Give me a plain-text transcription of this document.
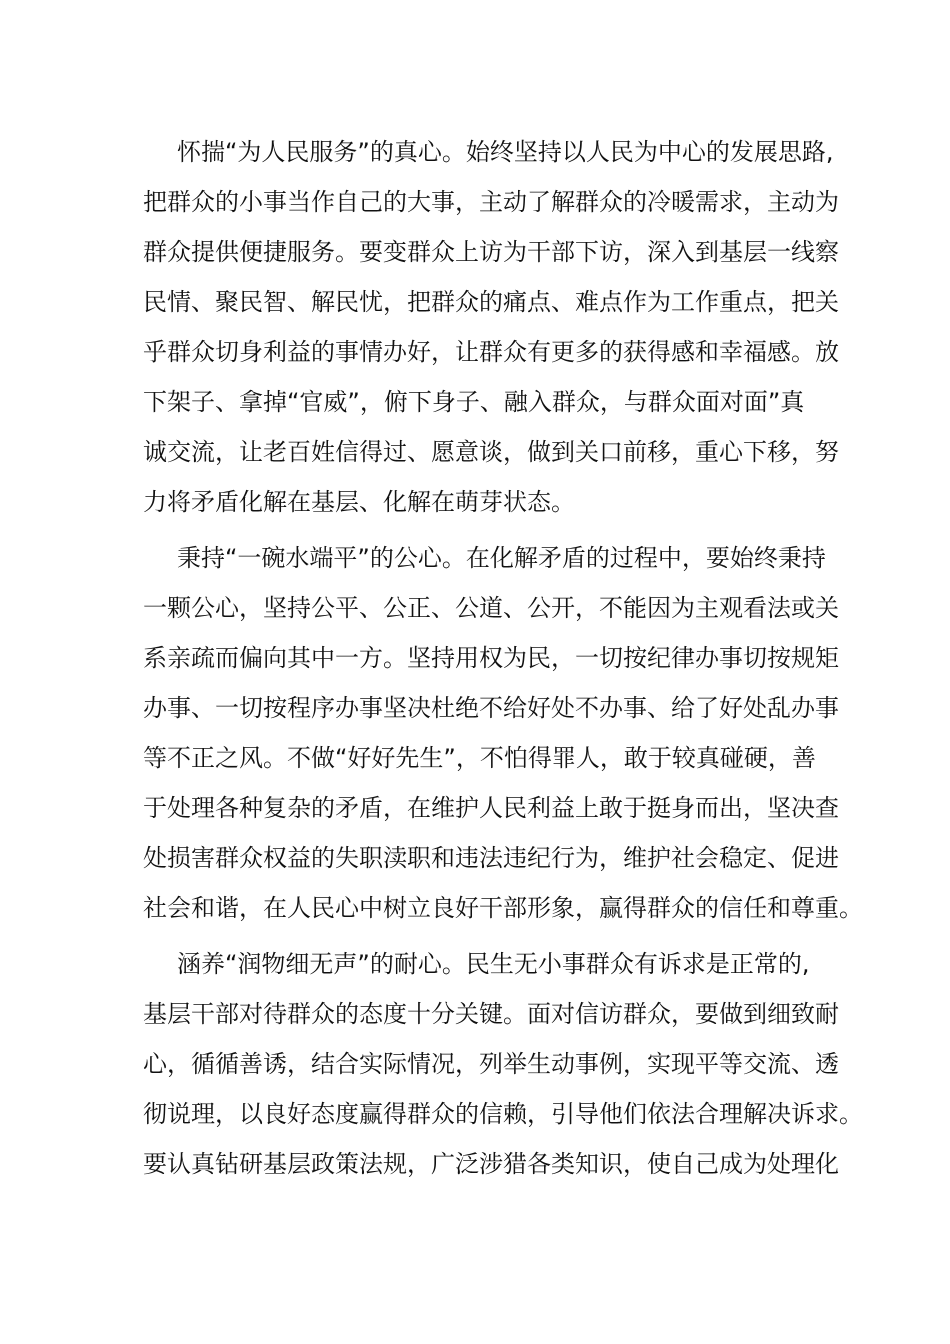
怀揣“为人民服务”的真心。始终坚持以人民为中心的发展思路,
把群众的小事当作自己的大事，主动了解群众的冷暖需求，主动为
群众提供便捷服务。要变群众上访为干部下访，深入到基层一线察
民情、聚民智、解民忧，把群众的痛点、难点作为工作重点，把关
乎群众切身利益的事情办好，让群众有更多的获得感和幸福感。放
下架子、拿掉“官威”，俯下身子、融入群众，与群众面对面”真
诚交流，让老百姓信得过、愿意谈，做到关口前移，重心下移，努
力将矛盾化解在基层、化解在萌芽状态。
秉持“一碗水端平”的公心。在化解矛盾的过程中，要始终秉持
一颗公心，坚持公平、公正、公道、公开，不能因为主观看法或关
系亲疏而偏向其中一方。坚持用权为民，一切按纪律办事切按规矩
办事、一切按程序办事坚决杜绝不给好处不办事、给了好处乱办事
等不正之风。不做“好好先生”，不怕得罪人，敢于较真碰硬，善
于处理各种复杂的矛盾，在维护人民利益上敢于挺身而出，坚决查
处损害群众权益的失职渎职和违法违纪行为，维护社会稳定、促进
社会和谐，在人民心中树立良好干部形象，赢得群众的信任和尊重。
涵养“润物细无声”的耐心。民生无小事群众有诉求是正常的,
基层干部对待群众的态度十分关键。面对信访群众，要做到细致耐
心，循循善诱，结合实际情况，列举生动事例，实现平等交流、透
彻说理，以良好态度赢得群众的信赖，引导他们依法合理解决诉求。
要认真钻研基层政策法规，广泛涉猎各类知识，使自己成为处理化
